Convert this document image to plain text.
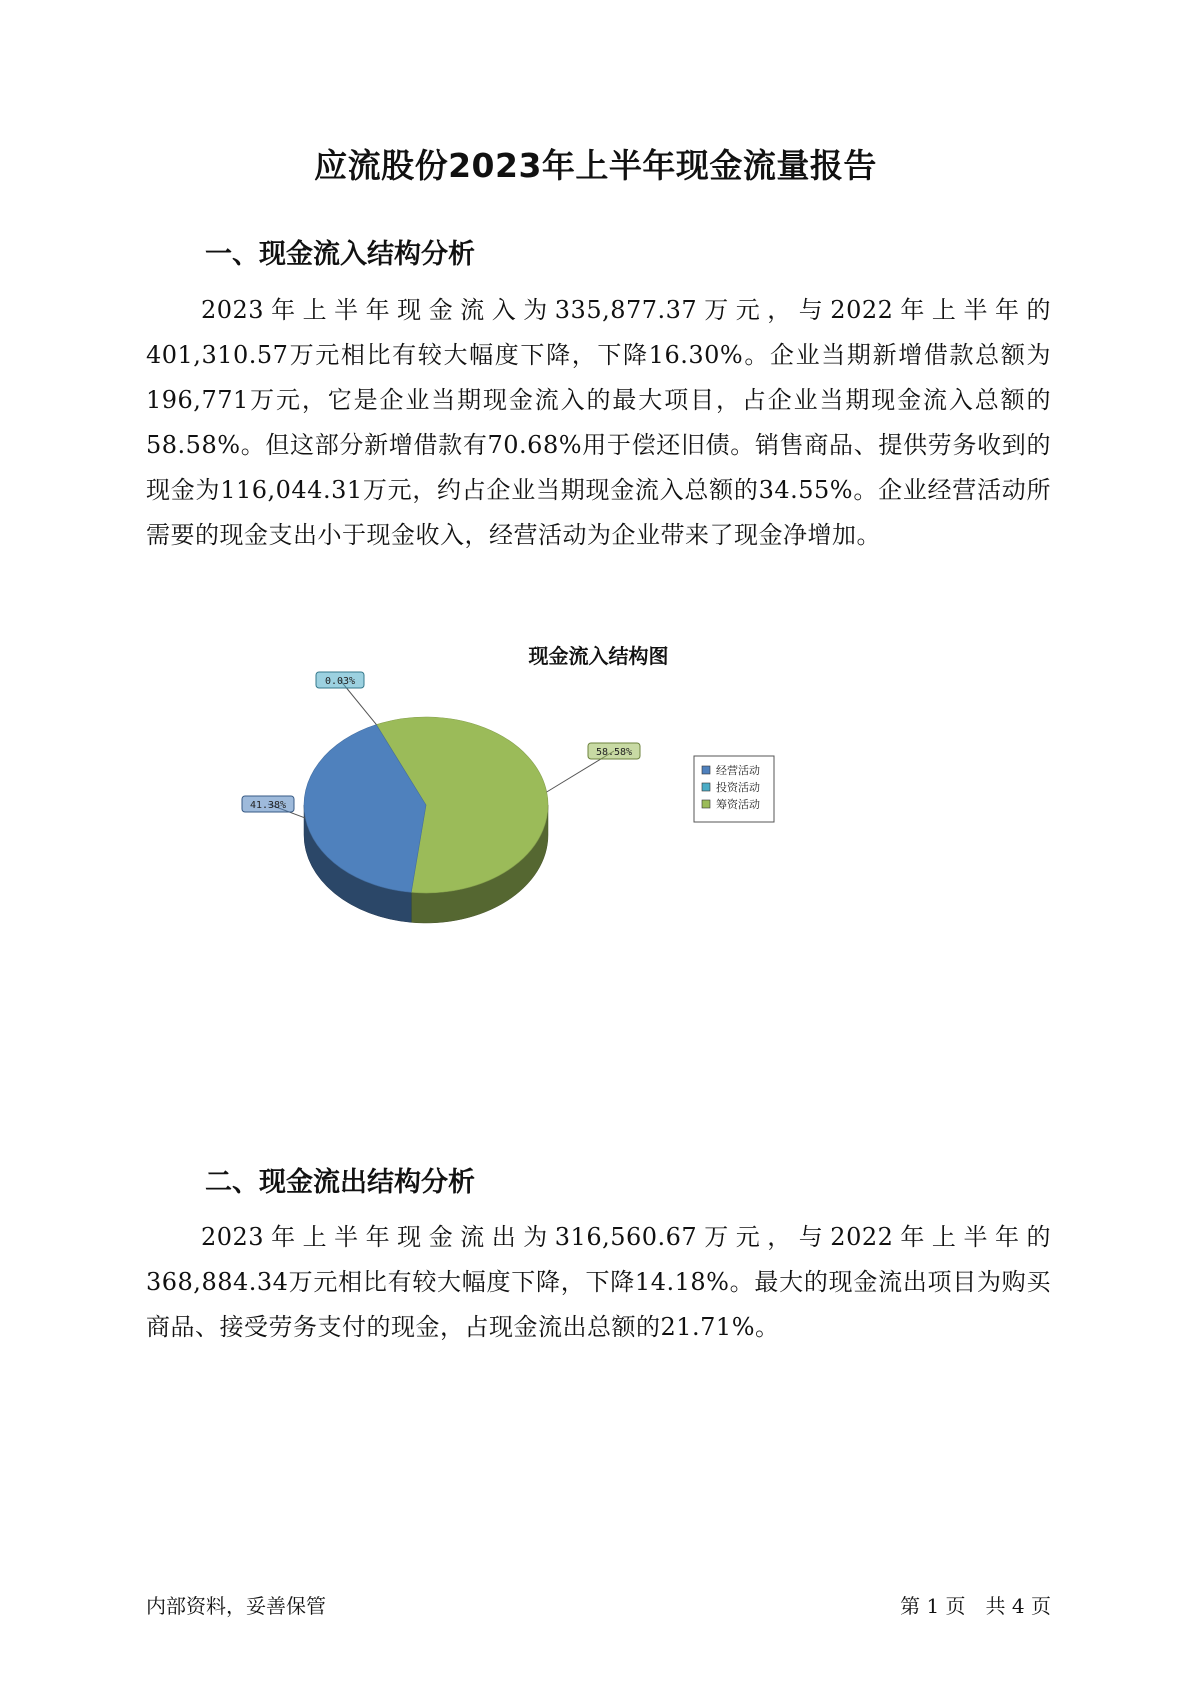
应流股份2023年上半年现金流量报告
一、现金流入结构分析

2023年上半年现金流入为335,877.37万元，与2022年上半年的401,310.57万元相比有较大幅度下降，下降16.30%。企业当期新增借款总额为196,771万元，它是企业当期现金流入的最大项目，占企业当期现金流入总额的58.58%。但这部分新增借款有70.68%用于偿还旧债。销售商品、提供劳务收到的现金为116,044.31万元，约占企业当期现金流入总额的34.55%。企业经营活动所需要的现金支出小于现金收入，经营活动为企业带来了现金净增加。

现金流入结构图
0.03%
58.58%
41.38%
经营活动
投资活动
筹资活动
二、现金流出结构分析

2023年上半年现金流出为316,560.67万元，与2022年上半年的368,884.34万元相比有较大幅度下降，下降14.18%。最大的现金流出项目为购买商品、接受劳务支付的现金，占现金流出总额的21.71%。

内部资料，妥善保管	第 1 页　共 4 页
